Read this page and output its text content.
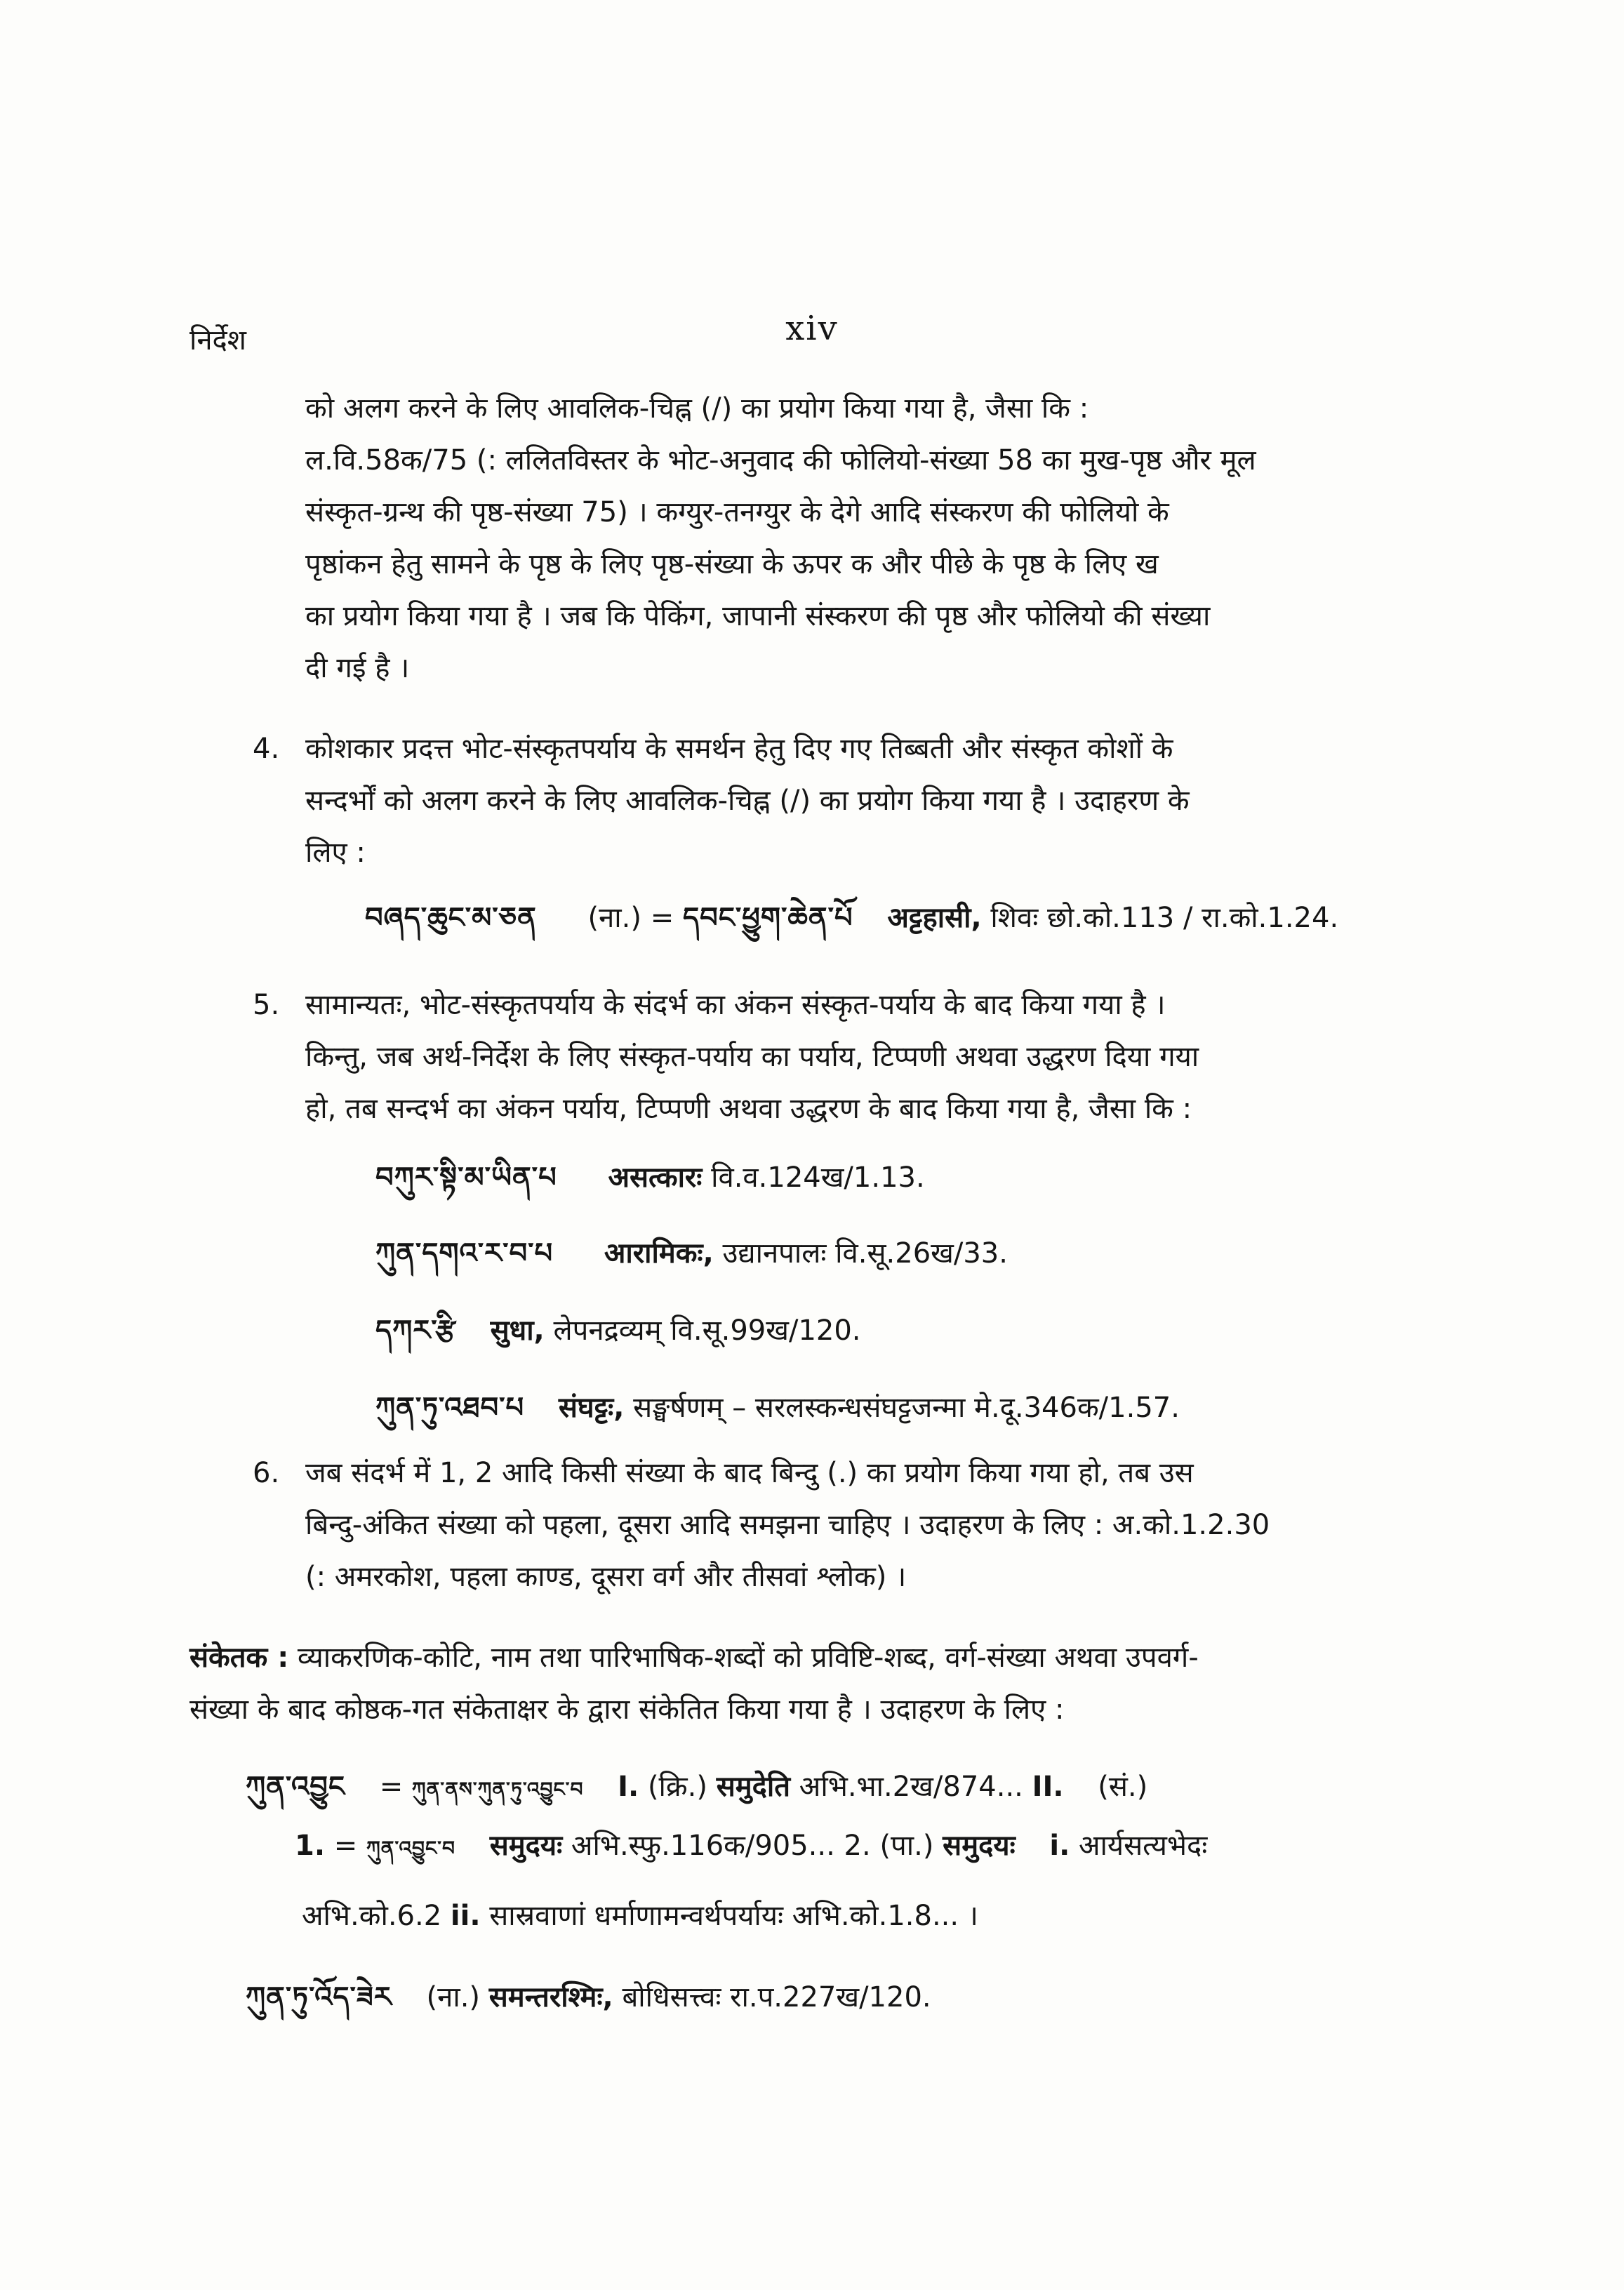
निर्देश	xiv
को अलग करने के लिए आवलिक-चिह्न (/) का प्रयोग किया गया है, जैसा कि :
ल.वि.58क/75 (: ललितविस्तर के भोट-अनुवाद की फोलियो-संख्या 58 का मुख-पृष्ठ और मूल
संस्कृत-ग्रन्थ की पृष्ठ-संख्या 75) । कग्युर-तनग्युर के देगे आदि संस्करण की फोलियो के
पृष्ठांकन हेतु सामने के पृष्ठ के लिए पृष्ठ-संख्या के ऊपर क और पीछे के पृष्ठ के लिए ख
का प्रयोग किया गया है । जब कि पेकिंग, जापानी संस्करण की पृष्ठ और फोलियो की संख्या
दी गई है ।
4. कोशकार प्रदत्त भोट-संस्कृतपर्याय के समर्थन हेतु दिए गए तिब्बती और संस्कृत कोशों के
सन्दर्भों को अलग करने के लिए आवलिक-चिह्न (/) का प्रयोग किया गया है । उदाहरण के
लिए :
བཞད་ཆུང་མ་ཅན (ना.) = དབང་ཕྱུག་ཆེན་པོ अट्टहासी, शिवः छो.को.113 / रा.को.1.24.
5. सामान्यतः, भोट-संस्कृतपर्याय के संदर्भ का अंकन संस्कृत-पर्याय के बाद किया गया है ।
किन्तु, जब अर्थ-निर्देश के लिए संस्कृत-पर्याय का पर्याय, टिप्पणी अथवा उद्धरण दिया गया
हो, तब सन्दर्भ का अंकन पर्याय, टिप्पणी अथवा उद्धरण के बाद किया गया है, जैसा कि :
བཀུར་སྟི་མ་ཡིན་པ असत्कारः वि.व.124ख/1.13.
ཀུན་དགའ་ར་བ་པ आरामिकः, उद्यानपालः वि.सू.26ख/33.
དཀར་རྩི सुधा, लेपनद्रव्यम् वि.सू.99ख/120.
ཀུན་ཏུ་འཐབ་པ संघट्टः, सङ्घर्षणम् – सरलस्कन्धसंघट्टजन्मा मे.दू.346क/1.57.
6. जब संदर्भ में 1, 2 आदि किसी संख्या के बाद बिन्दु (.) का प्रयोग किया गया हो, तब उस
बिन्दु-अंकित संख्या को पहला, दूसरा आदि समझना चाहिए । उदाहरण के लिए : अ.को.1.2.30
(: अमरकोश, पहला काण्ड, दूसरा वर्ग और तीसवां श्लोक) ।
संकेतक : व्याकरणिक-कोटि, नाम तथा पारिभाषिक-शब्दों को प्रविष्टि-शब्द, वर्ग-संख्या अथवा उपवर्ग-
संख्या के बाद कोष्ठक-गत संकेताक्षर के द्वारा संकेतित किया गया है । उदाहरण के लिए :
ཀུན་འབྱུང = ཀུན་ནས་ཀུན་ཏུ་འབྱུང་བ I. (क्रि.) समुदेति अभि.भा.2ख/874... II. (सं.)
1. = ཀུན་འབྱུང་བ समुदयः अभि.स्फु.116क/905... 2. (पा.) समुदयः i. आर्यसत्यभेदः
अभि.को.6.2 ii. सास्रवाणां धर्माणामन्वर्थपर्यायः अभि.को.1.8... ।
ཀུན་ཏུ་འོད་ཟེར (ना.) समन्तरश्मिः, बोधिसत्त्वः रा.प.227ख/120.
